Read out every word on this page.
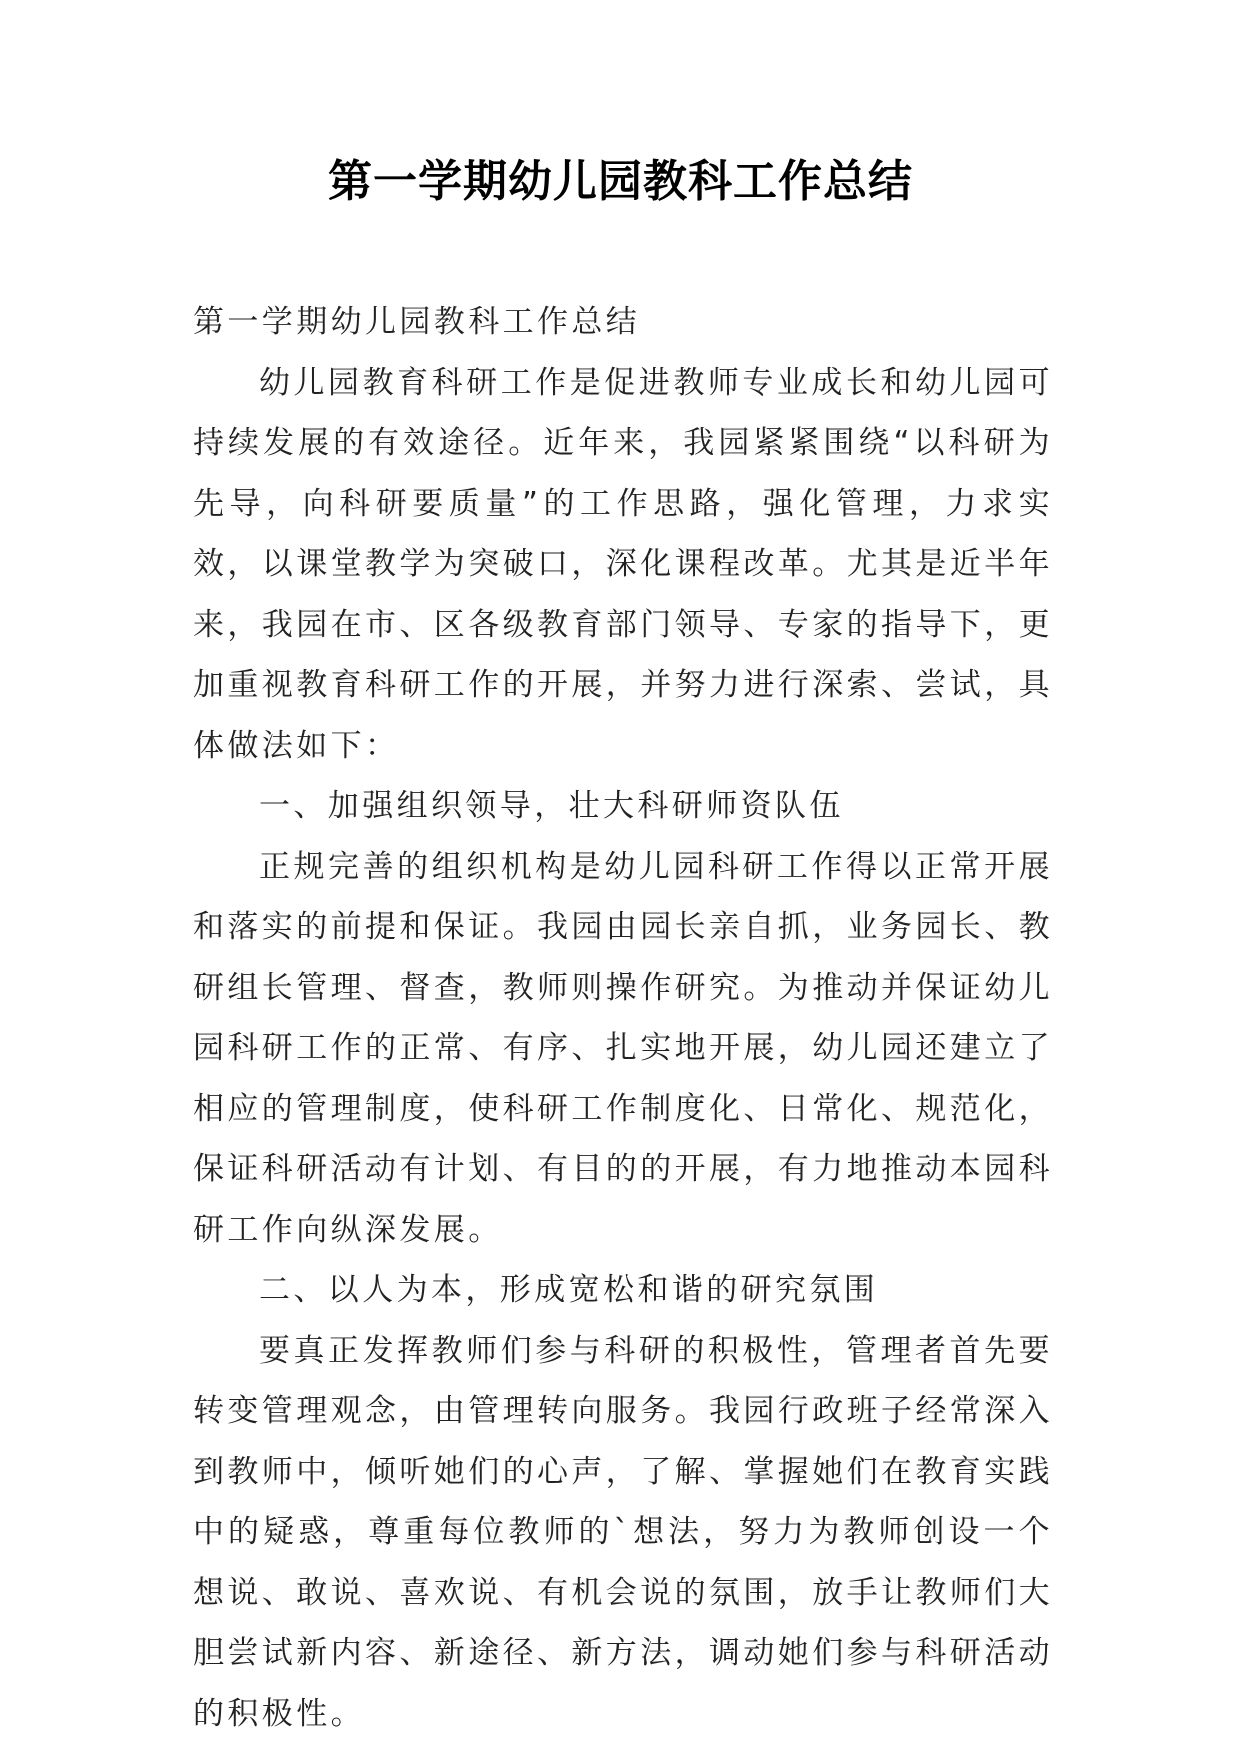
第一学期幼儿园教科工作总结

第一学期幼儿园教科工作总结

幼儿园教育科研工作是促进教师专业成长和幼儿园可持续发展的有效途径。近年来，我园紧紧围绕“以科研为先导，向科研要质量”的工作思路，强化管理，力求实效，以课堂教学为突破口，深化课程改革。尤其是近半年来，我园在市、区各级教育部门领导、专家的指导下，更加重视教育科研工作的开展，并努力进行深索、尝试，具体做法如下：

一、加强组织领导，壮大科研师资队伍

正规完善的组织机构是幼儿园科研工作得以正常开展和落实的前提和保证。我园由园长亲自抓，业务园长、教研组长管理、督查，教师则操作研究。为推动并保证幼儿园科研工作的正常、有序、扎实地开展，幼儿园还建立了相应的管理制度，使科研工作制度化、日常化、规范化，保证科研活动有计划、有目的的开展，有力地推动本园科研工作向纵深发展。

二、以人为本，形成宽松和谐的研究氛围

要真正发挥教师们参与科研的积极性，管理者首先要转变管理观念，由管理转向服务。我园行政班子经常深入到教师中，倾听她们的心声，了解、掌握她们在教育实践中的疑惑，尊重每位教师的`想法，努力为教师创设一个想说、敢说、喜欢说、有机会说的氛围，放手让教师们大胆尝试新内容、新途径、新方法，调动她们参与科研活动的积极性。
